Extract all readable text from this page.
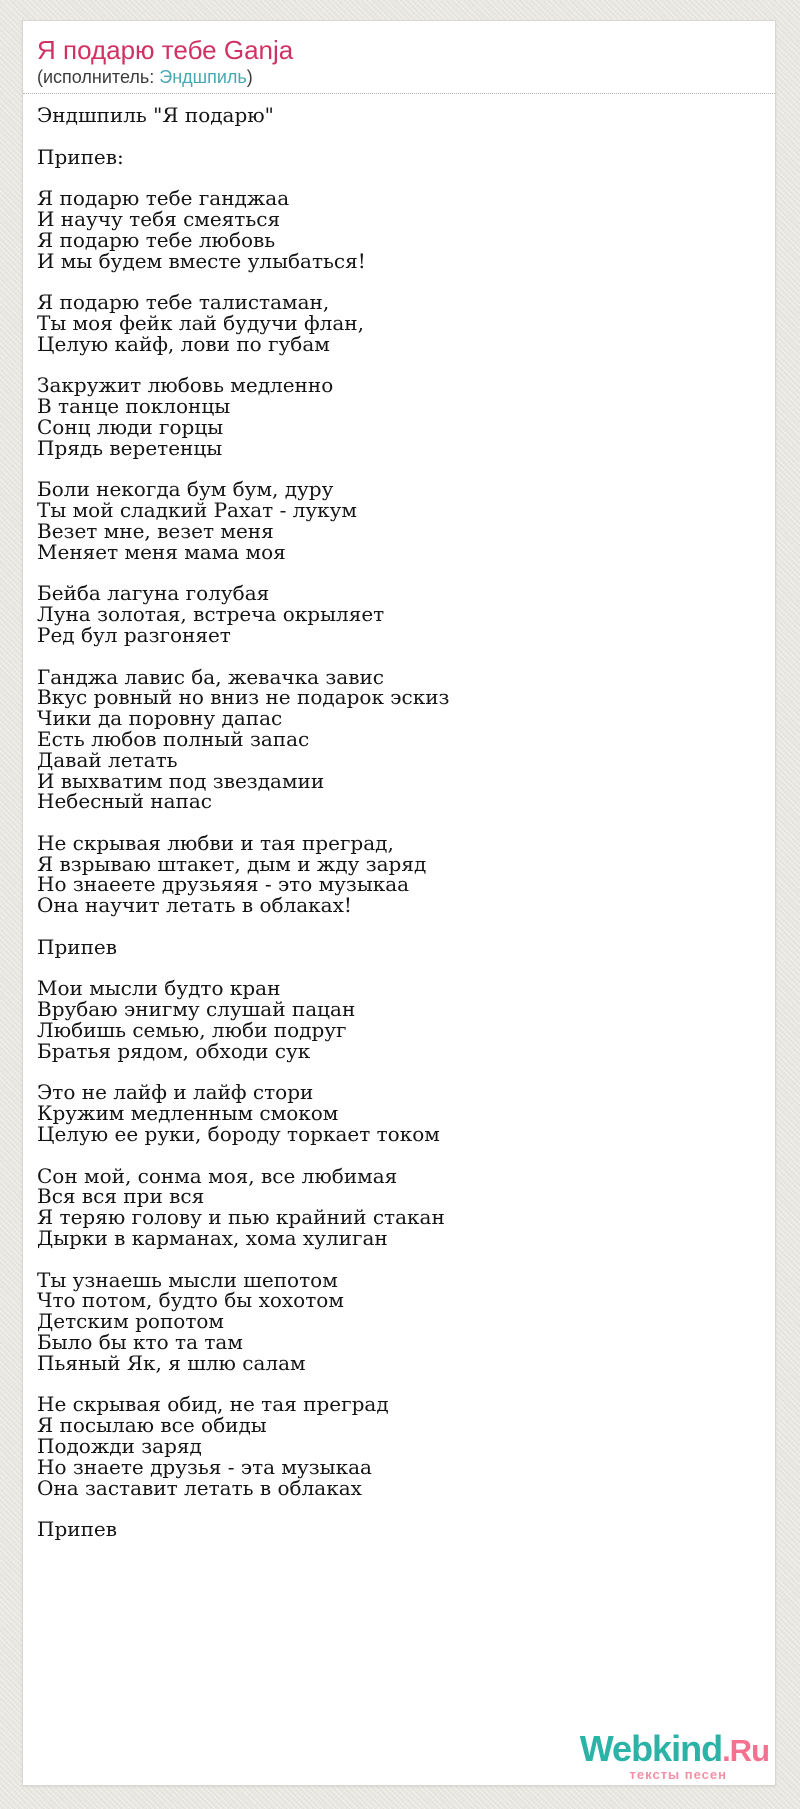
Я подарю тебе Ganja
(исполнитель: Эндшпиль)
Эндшпиль "Я подарю"

Припев:

Я подарю тебе ганджаа
И научу тебя смеяться
Я подарю тебе любовь
И мы будем вместе улыбаться!

Я подарю тебе талистаман,
Ты моя фейк лай будучи флан,
Целую кайф, лови по губам

Закружит любовь медленно
В танце поклонцы
Сонц люди горцы
Прядь веретенцы

Боли некогда бум бум, дуру
Ты мой сладкий Рахат - лукум
Везет мне, везет меня
Меняет меня мама моя

Бейба лагуна голубая
Луна золотая, встреча окрыляет
Ред бул разгоняет

Ганджа лавис ба, жевачка завис
Вкус ровный но вниз не подарок эскиз
Чики да поровну дапас
Есть любов полный запас
Давай летать
И выхватим под звездамии
Небесный напас

Не скрывая любви и тая преград,
Я взрываю штакет, дым и жду заряд
Но знаеете друзьяяя - это музыкаа
Она научит летать в облаках!

Припев

Мои мысли будто кран
Врубаю энигму слушай пацан
Любишь семью, люби подруг
Братья рядом, обходи сук

Это не лайф и лайф стори
Кружим медленным смоком
Целую ее руки, бороду торкает током

Сон мой, сонма моя, все любимая
Вся вся при вся
Я теряю голову и пью крайний стакан
Дырки в карманах, хома хулиган

Ты узнаешь мысли шепотом
Что потом, будто бы хохотом
Детским ропотом
Было бы кто та там
Пьяный Як, я шлю салам

Не скрывая обид, не тая преград
Я посылаю все обиды
Подожди заряд
Но знаете друзья - эта музыкаа
Она заставит летать в облаках

Припев
Webkind.Ru
тексты песен
